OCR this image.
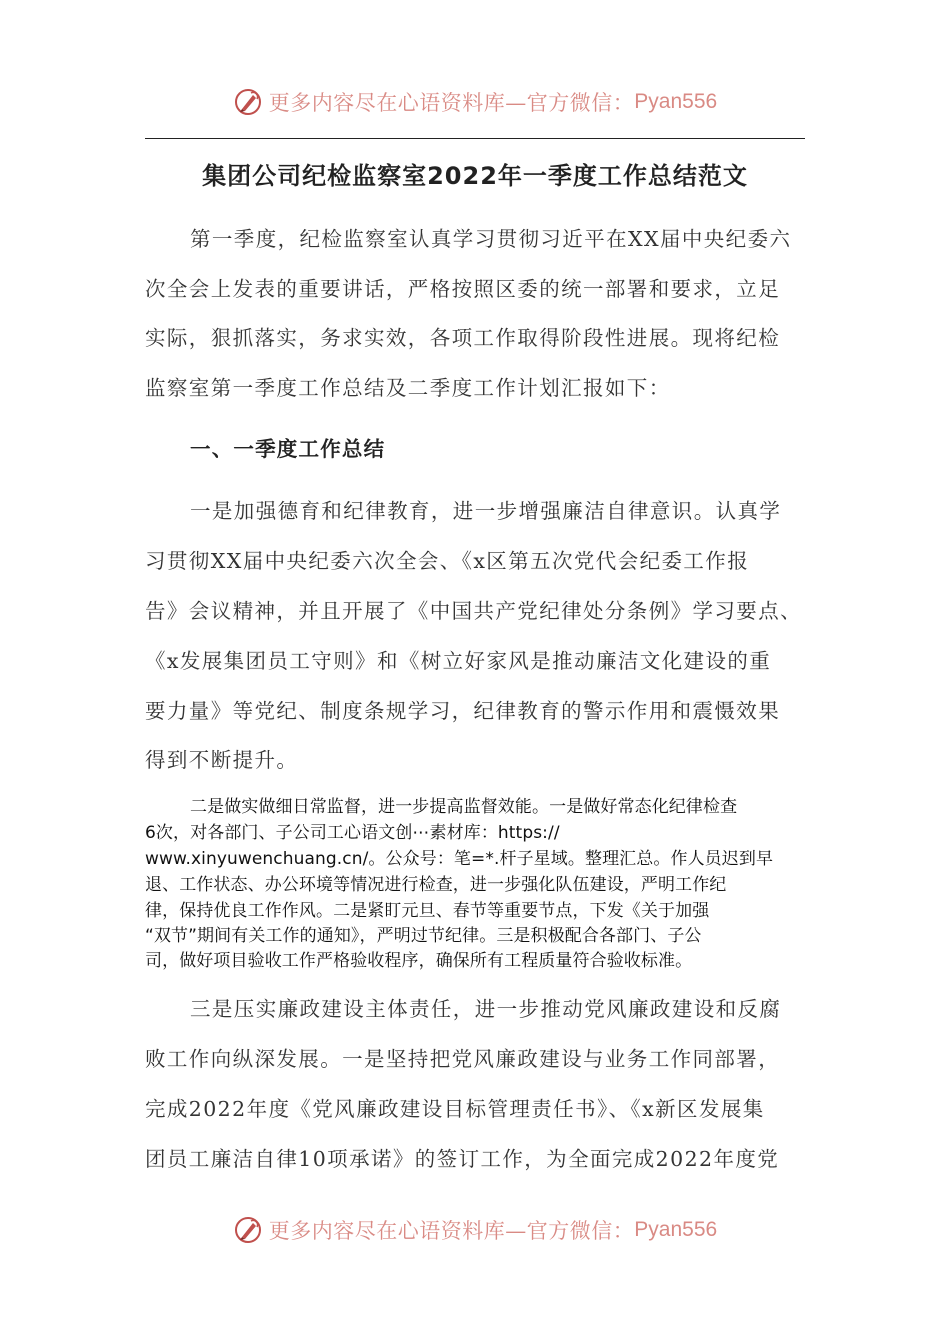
更多内容尽在心语资料库—官方微信： Pyan556
集团公司纪检监察室2022年一季度工作总结范文
第一季度，纪检监察室认真学习贯彻习近平在XX届中央纪委六
次全会上发表的重要讲话，严格按照区委的统一部署和要求，立足
实际，狠抓落实，务求实效，各项工作取得阶段性进展。现将纪检
监察室第一季度工作总结及二季度工作计划汇报如下：
一、一季度工作总结
一是加强德育和纪律教育，进一步增强廉洁自律意识。认真学
习贯彻XX届中央纪委六次全会、《x区第五次党代会纪委工作报
告》会议精神，并且开展了《中国共产党纪律处分条例》学习要点、
《x发展集团员工守则》和《树立好家风是推动廉洁文化建设的重
要力量》等党纪、制度条规学习，纪律教育的警示作用和震慑效果
得到不断提升。
二是做实做细日常监督，进一步提高监督效能。一是做好常态化纪律检查
6次，对各部门、子公司工心语文创⋯素材库：https://
www.xinyuwenchuang.cn/。公众号：笔=*.杆子星域。整理汇总。作人员迟到早
退、工作状态、办公环境等情况进行检查，进一步强化队伍建设，严明工作纪
律，保持优良工作作风。二是紧盯元旦、春节等重要节点，下发《关于加强
“双节”期间有关工作的通知》，严明过节纪律。三是积极配合各部门、子公
司，做好项目验收工作严格验收程序，确保所有工程质量符合验收标准。
三是压实廉政建设主体责任，进一步推动党风廉政建设和反腐
败工作向纵深发展。一是坚持把党风廉政建设与业务工作同部署，
完成2022年度《党风廉政建设目标管理责任书》、《x新区发展集
团员工廉洁自律10项承诺》的签订工作，为全面完成2022年度党
更多内容尽在心语资料库—官方微信： Pyan556
